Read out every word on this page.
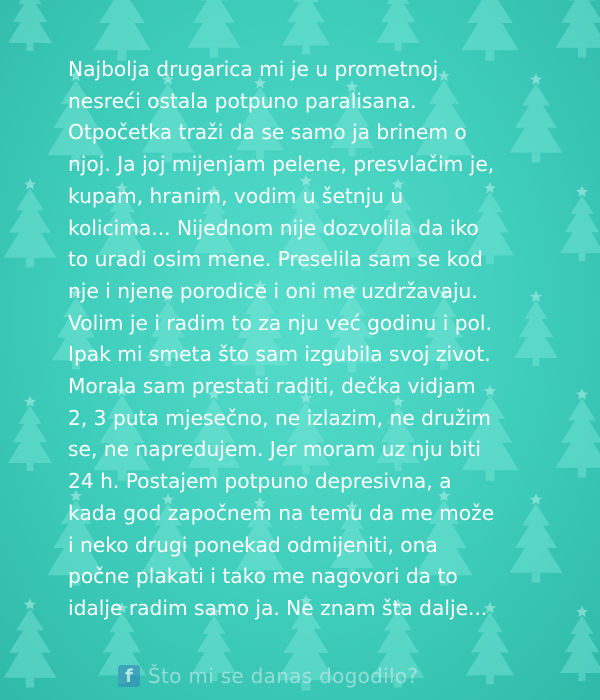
Najbolja drugarica mi je u prometnoj
nesreći ostala potpuno paralisana.
Otpočetka traži da se samo ja brinem o
njoj. Ja joj mijenjam pelene, presvlačim je,
kupam, hranim, vodim u šetnju u
kolicima... Nijednom nije dozvolila da iko
to uradi osim mene. Preselila sam se kod
nje i njene porodice i oni me uzdržavaju.
Volim je i radim to za nju već godinu i pol.
Ipak mi smeta što sam izgubila svoj zivot.
Morala sam prestati raditi, dečka vidjam
2, 3 puta mjesečno, ne izlazim, ne družim
se, ne napredujem. Jer moram uz nju biti
24 h. Postajem potpuno depresivna, a
kada god započnem na temu da me može
i neko drugi ponekad odmijeniti, ona
počne plakati i tako me nagovori da to
idalje radim samo ja. Ne znam šta dalje...
f Što mi se danas dogodilo?
